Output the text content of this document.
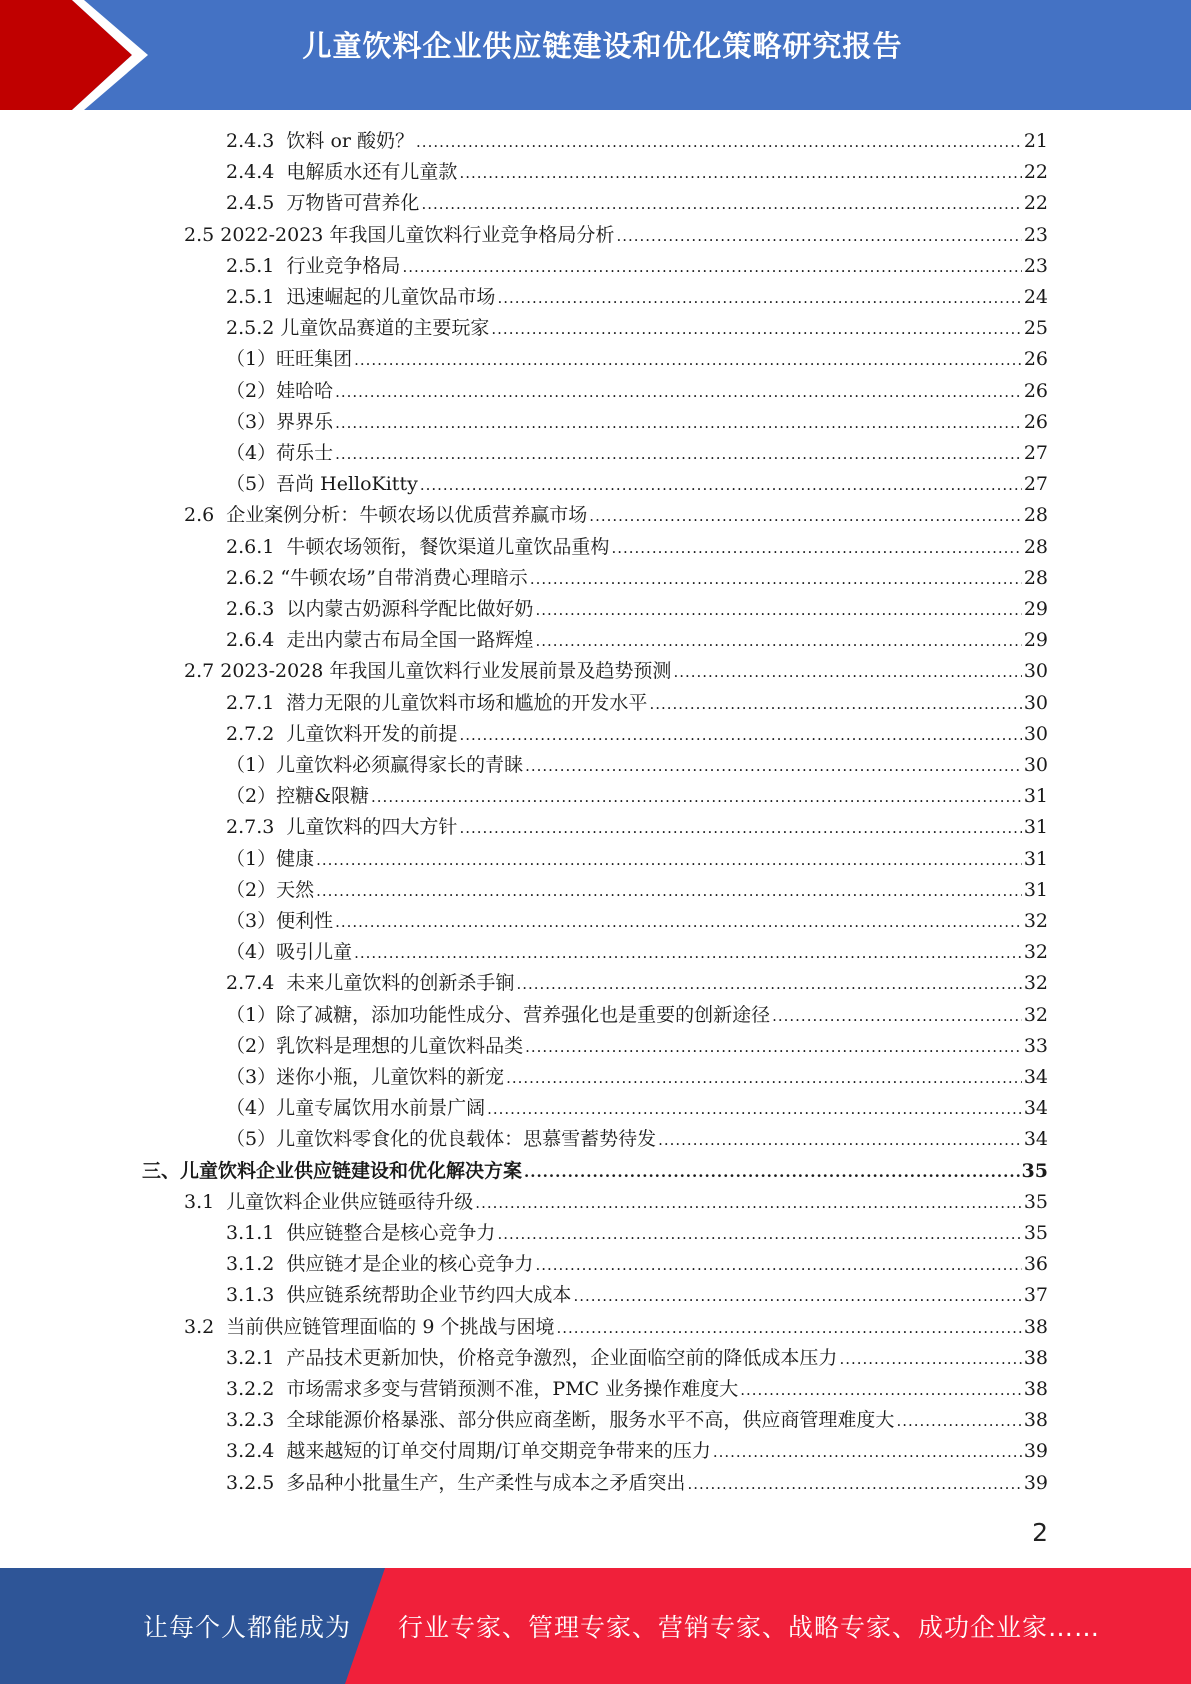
儿童饮料企业供应链建设和优化策略研究报告
2.4.3  饮料 or 酸奶？ .....	21
2.4.4  电解质水还有儿童款 .....	22
2.4.5  万物皆可营养化 .....	22
2.5 2022-2023 年我国儿童饮料行业竞争格局分析 .....	23
2.5.1  行业竞争格局 .....	23
2.5.1  迅速崛起的儿童饮品市场 .....	24
2.5.2 儿童饮品赛道的主要玩家 .....	25
（1）旺旺集团 .....	26
（2）娃哈哈 .....	26
（3）界界乐 .....	26
（4）荷乐士 .....	27
（5）吾尚 HelloKitty .....	27
2.6  企业案例分析：牛顿农场以优质营养赢市场 .....	28
2.6.1  牛顿农场领衔，餐饮渠道儿童饮品重构 .....	28
2.6.2 “牛顿农场”自带消费心理暗示 .....	28
2.6.3  以内蒙古奶源科学配比做好奶 .....	29
2.6.4  走出内蒙古布局全国一路辉煌 .....	29
2.7 2023-2028 年我国儿童饮料行业发展前景及趋势预测 .....	30
2.7.1  潜力无限的儿童饮料市场和尴尬的开发水平 .....	30
2.7.2  儿童饮料开发的前提 .....	30
（1）儿童饮料必须赢得家长的青睐 .....	30
（2）控糖&限糖 .....	31
2.7.3  儿童饮料的四大方针 .....	31
（1）健康 .....	31
（2）天然 .....	31
（3）便利性 .....	32
（4）吸引儿童 .....	32
2.7.4  未来儿童饮料的创新杀手锏 .....	32
（1）除了减糖，添加功能性成分、营养强化也是重要的创新途径 .....	32
（2）乳饮料是理想的儿童饮料品类 .....	33
（3）迷你小瓶，儿童饮料的新宠 .....	34
（4）儿童专属饮用水前景广阔 .....	34
（5）儿童饮料零食化的优良载体：思慕雪蓄势待发 .....	34
三、儿童饮料企业供应链建设和优化解决方案 .....	35
3.1  儿童饮料企业供应链亟待升级 .....	35
3.1.1  供应链整合是核心竞争力 .....	35
3.1.2  供应链才是企业的核心竞争力 .....	36
3.1.3  供应链系统帮助企业节约四大成本 .....	37
3.2  当前供应链管理面临的 9 个挑战与困境 .....	38
3.2.1  产品技术更新加快，价格竞争激烈，企业面临空前的降低成本压力 .....	38
3.2.2  市场需求多变与营销预测不准，PMC 业务操作难度大 .....	38
3.2.3  全球能源价格暴涨、部分供应商垄断，服务水平不高，供应商管理难度大 .....	38
3.2.4  越来越短的订单交付周期/订单交期竞争带来的压力 .....	39
3.2.5  多品种小批量生产，生产柔性与成本之矛盾突出 .....	39
2
让每个人都能成为 行业专家、管理专家、营销专家、战略专家、成功企业家……
